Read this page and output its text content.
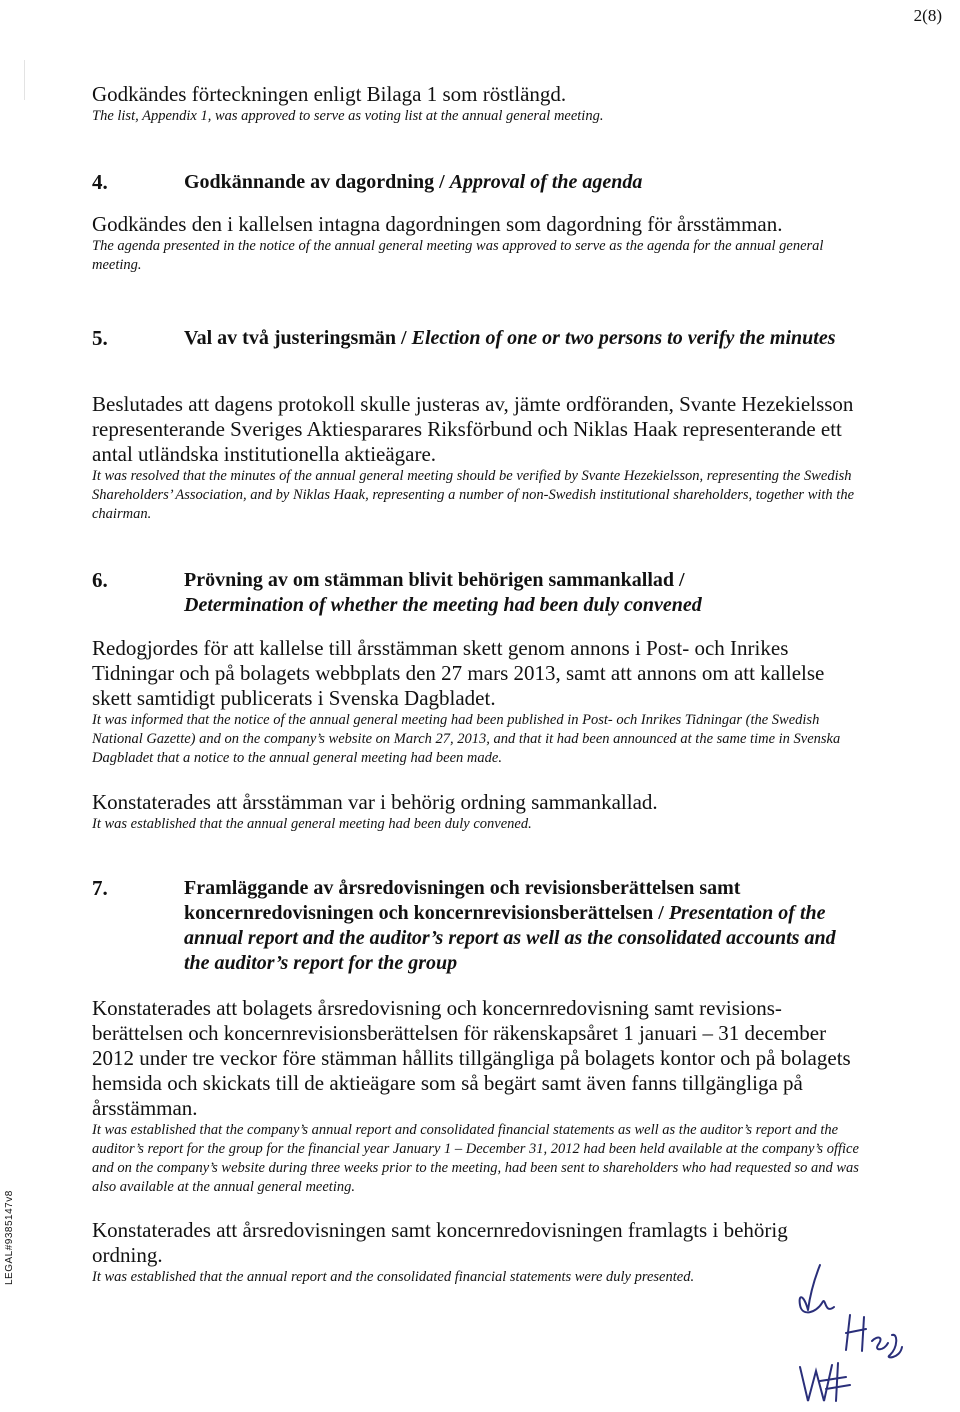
2(8)
LEGAL#9385147v8

Godkändes förteckningen enligt Bilaga 1 som röstlängd.

The list, Appendix 1, was approved to serve as voting list at the annual general meeting.

4.	Godkännande av dagordning / Approval of the agenda

Godkändes den i kallelsen intagna dagordningen som dagordning för årsstämman.

The agenda presented in the notice of the annual general meeting was approved to serve as the agenda for the annual general meeting.

5.	Val av två justeringsmän / Election of one or two persons to verify the minutes

Beslutades att dagens protokoll skulle justeras av, jämte ordföranden, Svante Hezekielsson representerande Sveriges Aktiesparares Riksförbund och Niklas Haak representerande ett antal utländska institutionella aktieägare.

It was resolved that the minutes of the annual general meeting should be verified by Svante Hezekielsson, representing the Swedish Shareholders’ Association, and by Niklas Haak, representing a number of non-Swedish institutional shareholders, together with the chairman.

6.	Prövning av om stämman blivit behörigen sammankallad /
Determination of whether the meeting had been duly convened

Redogjordes för att kallelse till årsstämman skett genom annons i Post- och Inrikes Tidningar och på bolagets webbplats den 27 mars 2013, samt att annons om att kallelse skett samtidigt publicerats i Svenska Dagbladet.

It was informed that the notice of the annual general meeting had been published in Post- och Inrikes Tidningar (the Swedish National Gazette) and on the company’s website on March 27, 2013, and that it had been announced at the same time in Svenska Dagbladet that a notice to the annual general meeting had been made.

Konstaterades att årsstämman var i behörig ordning sammankallad.

It was established that the annual general meeting had been duly convened.

7.	Framläggande av årsredovisningen och revisionsberättelsen samt koncernredovisningen och koncernrevisionsberättelsen / Presentation of the annual report and the auditor’s report as well as the consolidated accounts and the auditor’s report for the group

Konstaterades att bolagets årsredovisning och koncernredovisning samt revisions-berättelsen och koncernrevisionsberättelsen för räkenskapsåret 1 januari – 31 december 2012 under tre veckor före stämman hållits tillgängliga på bolagets kontor och på bolagets hemsida och skickats till de aktieägare som så begärt samt även fanns tillgängliga på årsstämman.

It was established that the company’s annual report and consolidated financial statements as well as the auditor’s report and the auditor’s report for the group for the financial year January 1 – December 31, 2012 had been held available at the company’s office and on the company’s website during three weeks prior to the meeting, had been sent to shareholders who had requested so and was also available at the annual general meeting.

Konstaterades att årsredovisningen samt koncernredovisningen framlagts i behörig ordning.

It was established that the annual report and the consolidated financial statements were duly presented.
